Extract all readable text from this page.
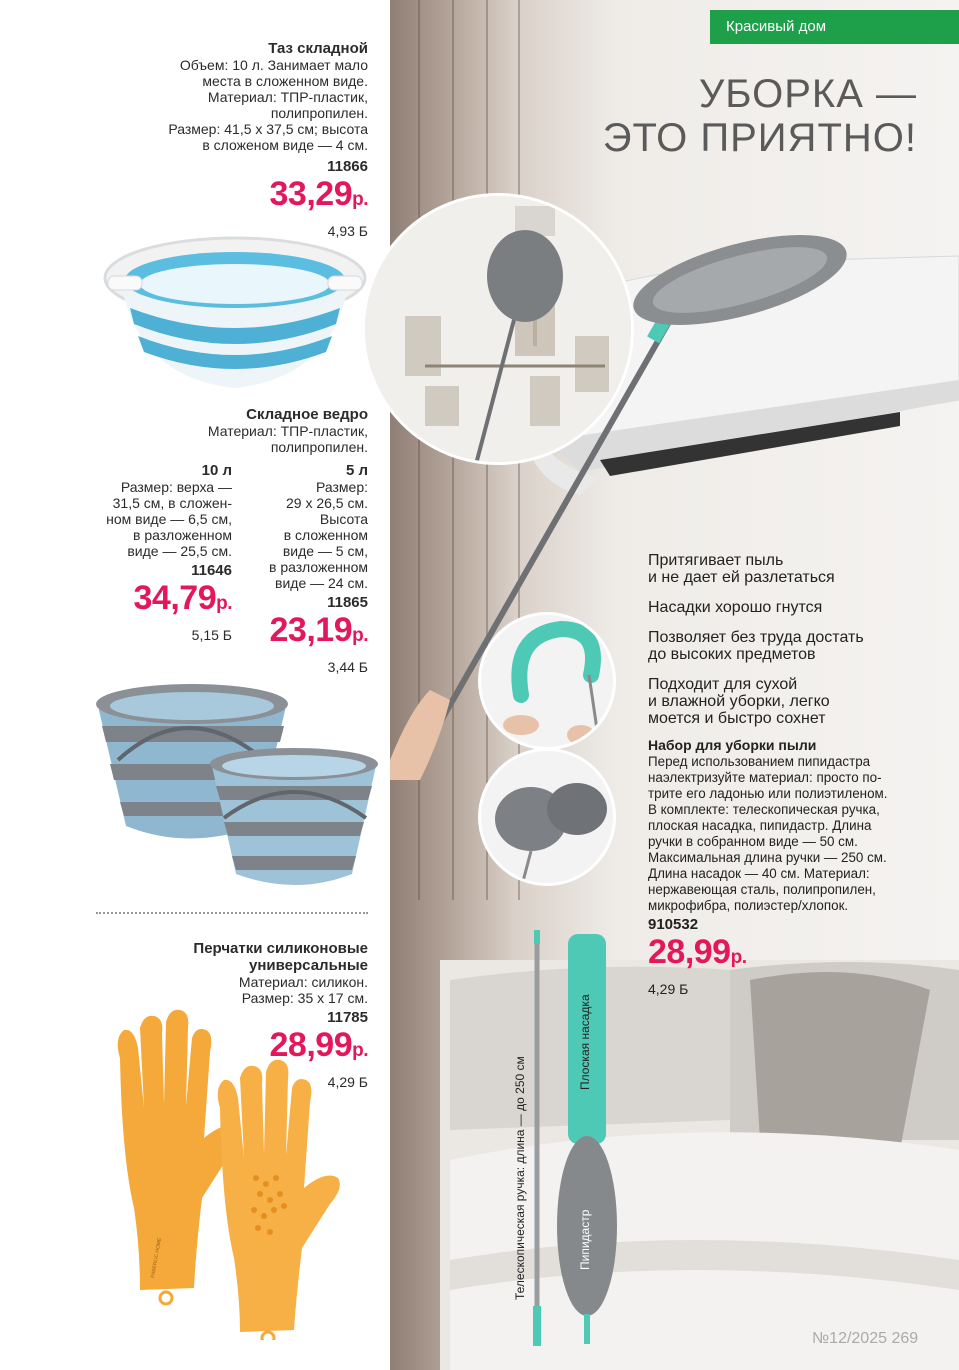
Таз складной
Объем: 10 л. Занимает мало
места в сложенном виде.
Материал: ТПР-пластик,
полипропилен.
Размер: 41,5 х 37,5 см; высота
в сложеном виде — 4 см.
11866
33,29р.
4,93 Б
Складное ведро
Материал: ТПР-пластик,
полипропилен.
10 л
Размер: верха —
31,5 см, в сложен-
ном виде — 6,5 см,
в разложенном
виде — 25,5 см.
11646
34,79р.
5,15 Б
5 л
Размер:
29 х 26,5 см.
Высота
в сложенном
виде — 5 см,
в разложенном
виде — 24 см.
11865
23,19р.
3,44 Б
Перчатки силиконовые
универсальные
Материал: силикон.
Размер: 35 х 17 см.
11785
28,99р.
4,29 Б
FABERLIC HOME	Телескопическая ручка: длина — до 250 см
Плоская насадка
Пипидастр
Красивый дом
УБОРКА —
ЭТО ПРИЯТНО!

Притягивает пыль
и не дает ей разлетаться

Насадки хорошо гнутся

Позволяет без труда достать
до высоких предметов

Подходит для сухой
и влажной уборки, легко
моется и быстро сохнет

Набор для уборки пыли
Перед использованием пипидастра
наэлектризуйте материал: просто по-
трите его ладонью или полиэтиленом.
В комплекте: телескопическая ручка,
плоская насадка, пипидастр. Длина
ручки в собранном виде — 50 см.
Максимальная длина ручки — 250 см.
Длина насадок — 40 см. Материал:
нержавеющая сталь, полипропилен,
микрофибра, полиэстер/хлопок.
910532
28,99р.
4,29 Б
№12/2025 269
